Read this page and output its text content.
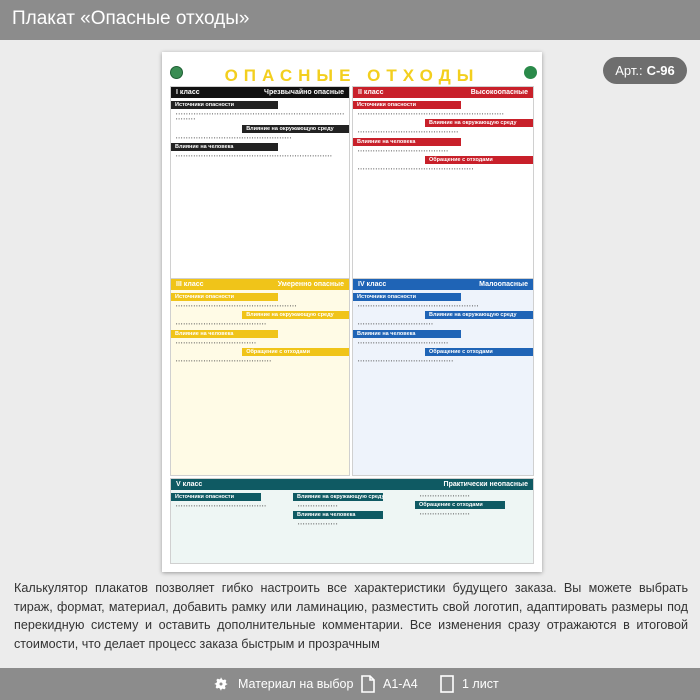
Плакат «Опасные отходы»
ОПАСНЫЕ ОТХОДЫ
I класс	Чрезвычайно опасные
Источники опасности
▪ ▪ ▪ ▪ ▪ ▪ ▪ ▪ ▪ ▪ ▪ ▪ ▪ ▪ ▪ ▪ ▪ ▪ ▪ ▪ ▪ ▪ ▪ ▪ ▪ ▪ ▪ ▪ ▪ ▪ ▪ ▪ ▪ ▪ ▪ ▪ ▪ ▪ ▪ ▪ ▪ ▪ ▪ ▪ ▪ ▪ ▪ ▪ ▪ ▪ ▪ ▪ ▪ ▪ ▪ ▪ ▪ ▪ ▪ ▪ ▪ ▪ ▪ ▪ ▪ ▪ ▪ ▪ ▪ ▪ ▪ ▪ ▪ ▪
Влияние на окружающую среду
▪ ▪ ▪ ▪ ▪ ▪ ▪ ▪ ▪ ▪ ▪ ▪ ▪ ▪ ▪ ▪ ▪ ▪ ▪ ▪ ▪ ▪ ▪ ▪ ▪ ▪ ▪ ▪ ▪ ▪ ▪ ▪ ▪ ▪ ▪ ▪ ▪ ▪ ▪ ▪ ▪ ▪ ▪ ▪ ▪ ▪
Влияние на человека
▪ ▪ ▪ ▪ ▪ ▪ ▪ ▪ ▪ ▪ ▪ ▪ ▪ ▪ ▪ ▪ ▪ ▪ ▪ ▪ ▪ ▪ ▪ ▪ ▪ ▪ ▪ ▪ ▪ ▪ ▪ ▪ ▪ ▪ ▪ ▪ ▪ ▪ ▪ ▪ ▪ ▪ ▪ ▪ ▪ ▪ ▪ ▪ ▪ ▪ ▪ ▪ ▪ ▪ ▪ ▪ ▪ ▪ ▪ ▪ ▪ ▪
II класс	Высокоопасные
Источники опасности
▪ ▪ ▪ ▪ ▪ ▪ ▪ ▪ ▪ ▪ ▪ ▪ ▪ ▪ ▪ ▪ ▪ ▪ ▪ ▪ ▪ ▪ ▪ ▪ ▪ ▪ ▪ ▪ ▪ ▪ ▪ ▪ ▪ ▪ ▪ ▪ ▪ ▪ ▪ ▪ ▪ ▪ ▪ ▪ ▪ ▪ ▪ ▪ ▪ ▪ ▪ ▪ ▪ ▪ ▪ ▪ ▪ ▪
Влияние на окружающую среду
▪ ▪ ▪ ▪ ▪ ▪ ▪ ▪ ▪ ▪ ▪ ▪ ▪ ▪ ▪ ▪ ▪ ▪ ▪ ▪ ▪ ▪ ▪ ▪ ▪ ▪ ▪ ▪ ▪ ▪ ▪ ▪ ▪ ▪ ▪ ▪ ▪ ▪ ▪ ▪
Влияние на человека
▪ ▪ ▪ ▪ ▪ ▪ ▪ ▪ ▪ ▪ ▪ ▪ ▪ ▪ ▪ ▪ ▪ ▪ ▪ ▪ ▪ ▪ ▪ ▪ ▪ ▪ ▪ ▪ ▪ ▪ ▪ ▪ ▪ ▪ ▪ ▪
Обращение с отходами
▪ ▪ ▪ ▪ ▪ ▪ ▪ ▪ ▪ ▪ ▪ ▪ ▪ ▪ ▪ ▪ ▪ ▪ ▪ ▪ ▪ ▪ ▪ ▪ ▪ ▪ ▪ ▪ ▪ ▪ ▪ ▪ ▪ ▪ ▪ ▪ ▪ ▪ ▪ ▪ ▪ ▪ ▪ ▪ ▪ ▪
III класс	Умеренно опасные
Источники опасности
▪ ▪ ▪ ▪ ▪ ▪ ▪ ▪ ▪ ▪ ▪ ▪ ▪ ▪ ▪ ▪ ▪ ▪ ▪ ▪ ▪ ▪ ▪ ▪ ▪ ▪ ▪ ▪ ▪ ▪ ▪ ▪ ▪ ▪ ▪ ▪ ▪ ▪ ▪ ▪ ▪ ▪ ▪ ▪ ▪ ▪ ▪ ▪
Влияние на окружающую среду
▪ ▪ ▪ ▪ ▪ ▪ ▪ ▪ ▪ ▪ ▪ ▪ ▪ ▪ ▪ ▪ ▪ ▪ ▪ ▪ ▪ ▪ ▪ ▪ ▪ ▪ ▪ ▪ ▪ ▪ ▪ ▪ ▪ ▪ ▪ ▪
Влияние на человека
▪ ▪ ▪ ▪ ▪ ▪ ▪ ▪ ▪ ▪ ▪ ▪ ▪ ▪ ▪ ▪ ▪ ▪ ▪ ▪ ▪ ▪ ▪ ▪ ▪ ▪ ▪ ▪ ▪ ▪ ▪ ▪
Обращение с отходами
▪ ▪ ▪ ▪ ▪ ▪ ▪ ▪ ▪ ▪ ▪ ▪ ▪ ▪ ▪ ▪ ▪ ▪ ▪ ▪ ▪ ▪ ▪ ▪ ▪ ▪ ▪ ▪ ▪ ▪ ▪ ▪ ▪ ▪ ▪ ▪ ▪ ▪
IV класс	Малоопасные
Источники опасности
▪ ▪ ▪ ▪ ▪ ▪ ▪ ▪ ▪ ▪ ▪ ▪ ▪ ▪ ▪ ▪ ▪ ▪ ▪ ▪ ▪ ▪ ▪ ▪ ▪ ▪ ▪ ▪ ▪ ▪ ▪ ▪ ▪ ▪ ▪ ▪ ▪ ▪ ▪ ▪ ▪ ▪ ▪ ▪ ▪ ▪ ▪ ▪
Влияние на окружающую среду
▪ ▪ ▪ ▪ ▪ ▪ ▪ ▪ ▪ ▪ ▪ ▪ ▪ ▪ ▪ ▪ ▪ ▪ ▪ ▪ ▪ ▪ ▪ ▪ ▪ ▪ ▪ ▪ ▪ ▪
Влияние на человека
▪ ▪ ▪ ▪ ▪ ▪ ▪ ▪ ▪ ▪ ▪ ▪ ▪ ▪ ▪ ▪ ▪ ▪ ▪ ▪ ▪ ▪ ▪ ▪ ▪ ▪ ▪ ▪ ▪ ▪ ▪ ▪ ▪ ▪ ▪ ▪
Обращение с отходами
▪ ▪ ▪ ▪ ▪ ▪ ▪ ▪ ▪ ▪ ▪ ▪ ▪ ▪ ▪ ▪ ▪ ▪ ▪ ▪ ▪ ▪ ▪ ▪ ▪ ▪ ▪ ▪ ▪ ▪ ▪ ▪ ▪ ▪ ▪ ▪ ▪ ▪
V класс	Практически неопасные
Источники опасности
▪ ▪ ▪ ▪ ▪ ▪ ▪ ▪ ▪ ▪ ▪ ▪ ▪ ▪ ▪ ▪ ▪ ▪ ▪ ▪ ▪ ▪ ▪ ▪ ▪ ▪ ▪ ▪ ▪ ▪ ▪ ▪ ▪ ▪ ▪ ▪
Влияние на окружающую среду
▪ ▪ ▪ ▪ ▪ ▪ ▪ ▪ ▪ ▪ ▪ ▪ ▪ ▪ ▪ ▪
Влияние на человека
▪ ▪ ▪ ▪ ▪ ▪ ▪ ▪ ▪ ▪ ▪ ▪ ▪ ▪ ▪ ▪
▪ ▪ ▪ ▪ ▪ ▪ ▪ ▪ ▪ ▪ ▪ ▪ ▪ ▪ ▪ ▪ ▪ ▪ ▪ ▪
Обращение с отходами
▪ ▪ ▪ ▪ ▪ ▪ ▪ ▪ ▪ ▪ ▪ ▪ ▪ ▪ ▪ ▪ ▪ ▪ ▪ ▪
Арт.: С-96
Калькулятор плакатов позволяет гибко настроить все характеристики будущего заказа. Вы можете выбрать тираж, формат, материал, добавить рамку или ламинацию, разместить свой логотип, адаптировать размеры под перекидную систему и оставить дополнительные комментарии. Все изменения сразу отражаются в итоговой стоимости, что делает процесс заказа быстрым и прозрачным
Материал на выбор А1-А4	1 лист
